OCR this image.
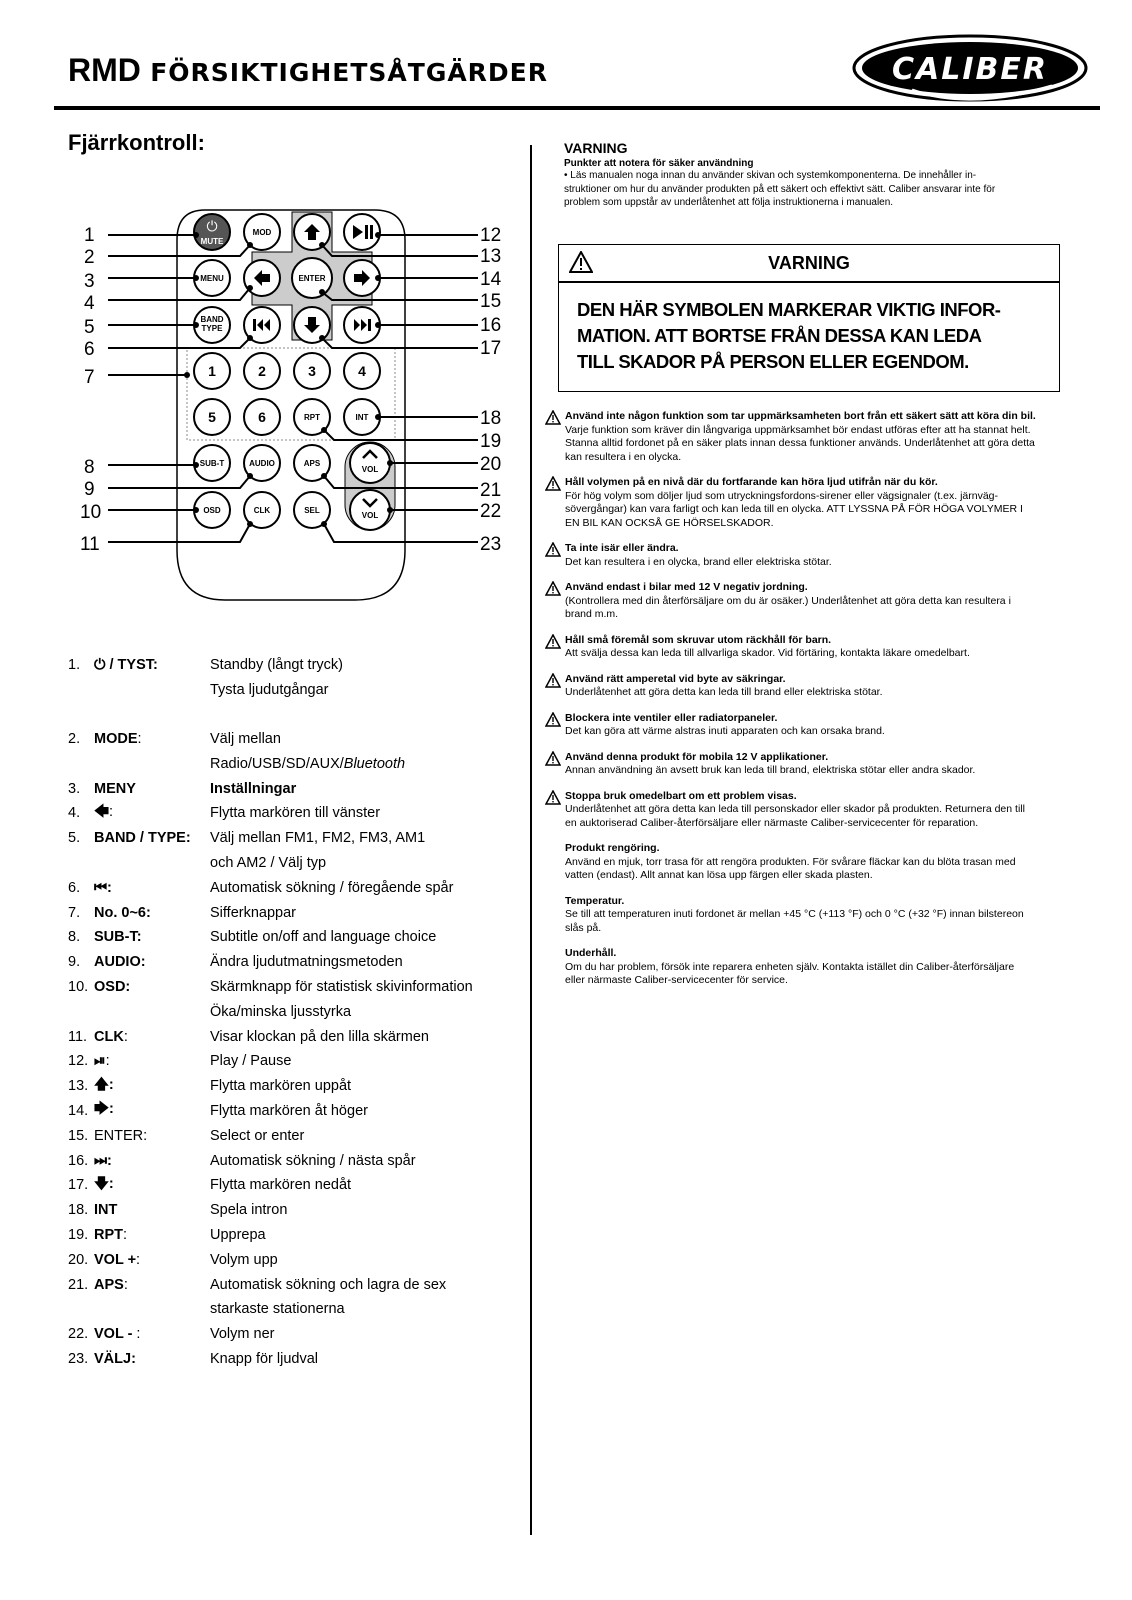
RMD FÖRSIKTIGHETSÅTGÄRDER	CALIBER
Fjärrkontroll:
⏻
MUTE
MOD
MENU	ENTER
BAND
TYPE
1	2	3	4
5	6	RPT	INT
SUB-T	AUDIO	APS
VOL
OSD	CLK	SEL
VOL
1
2
3
4
5
6
7
8
9
10
11
12
13
14
15
16
17
18
19
20
21
22
23
1. ⏻ / TYST:	Standby (långt tryck)
Tysta ljudutgångar
2. MODE:	Välj mellan
Radio/USB/SD/AUX/Bluetooth
3. MENY	Inställningar
4. 🡄:	Flytta markören till vänster
5. BAND / TYPE:	Välj mellan FM1, FM2, FM3, AM1
och AM2 / Välj typ
6. ⏮:	Automatisk sökning / föregående spår
7. No. 0~6:	Sifferknappar
8. SUB-T:	Subtitle on/off and language choice
9. AUDIO:	Ändra ljudutmatningsmetoden
10. OSD:	Skärmknapp för statistisk skivinformation
Öka/minska ljusstyrka
11. CLK:	Visar klockan på den lilla skärmen
12. ⏯:	Play / Pause
13. 🡅:	Flytta markören uppåt
14. 🡆:	Flytta markören åt höger
15. ENTER:	Select or enter
16. ⏭:	Automatisk sökning / nästa spår
17. 🡇:	Flytta markören nedåt
18. INT	Spela intron
19. RPT:	Upprepa
20. VOL +:	Volym upp
21. APS:	Automatisk sökning och lagra de sex
starkaste stationerna
22. VOL - :	Volym ner
23. VÄLJ:	Knapp för ljudval
VARNING
Punkter att notera för säker användning
• Läs manualen noga innan du använder skivan och systemkomponenterna. De innehåller in-
struktioner om hur du använder produkten på ett säkert och effektivt sätt. Caliber ansvarar inte för
problem som uppstår av underlåtenhet att följa instruktionerna i manualen.
VARNING
DEN HÄR SYMBOLEN MARKERAR VIKTIG INFOR-
MATION. ATT BORTSE FRÅN DESSA KAN LEDA
TILL SKADOR PÅ PERSON ELLER EGENDOM.
Använd inte någon funktion som tar uppmärksamheten bort från ett säkert sätt att köra din bil.
Varje funktion som kräver din långvariga uppmärksamhet bör endast utföras efter att ha stannat helt.
Stanna alltid fordonet på en säker plats innan dessa funktioner används. Underlåtenhet att göra detta
kan resultera i en olycka.
Håll volymen på en nivå där du fortfarande kan höra ljud utifrån när du kör.
För hög volym som döljer ljud som utryckningsfordons-sirener eller vägsignaler (t.ex. järnväg-
sövergångar) kan vara farligt och kan leda till en olycka. ATT LYSSNA PÅ FÖR HÖGA VOLYMER I
EN BIL KAN OCKSÅ GE HÖRSELSKADOR.
Ta inte isär eller ändra.
Det kan resultera i en olycka, brand eller elektriska stötar.
Använd endast i bilar med 12 V negativ jordning.
(Kontrollera med din återförsäljare om du är osäker.) Underlåtenhet att göra detta kan resultera i
brand m.m.
Håll små föremål som skruvar utom räckhåll för barn.
Att svälja dessa kan leda till allvarliga skador. Vid förtäring, kontakta läkare omedelbart.
Använd rätt amperetal vid byte av säkringar.
Underlåtenhet att göra detta kan leda till brand eller elektriska stötar.
Blockera inte ventiler eller radiatorpaneler.
Det kan göra att värme alstras inuti apparaten och kan orsaka brand.
Använd denna produkt för mobila 12 V applikationer.
Annan användning än avsett bruk kan leda till brand, elektriska stötar eller andra skador.
Stoppa bruk omedelbart om ett problem visas.
Underlåtenhet att göra detta kan leda till personskador eller skador på produkten. Returnera den till
en auktoriserad Caliber-återförsäljare eller närmaste Caliber-servicecenter för reparation.
Produkt rengöring.
Använd en mjuk, torr trasa för att rengöra produkten. För svårare fläckar kan du blöta trasan med
vatten (endast). Allt annat kan lösa upp färgen eller skada plasten.
Temperatur.
Se till att temperaturen inuti fordonet är mellan +45 °C (+113 °F) och 0 °C (+32 °F) innan bilstereon
slås på.
Underhåll.
Om du har problem, försök inte reparera enheten själv. Kontakta istället din Caliber-återförsäljare
eller närmaste Caliber-servicecenter för service.
